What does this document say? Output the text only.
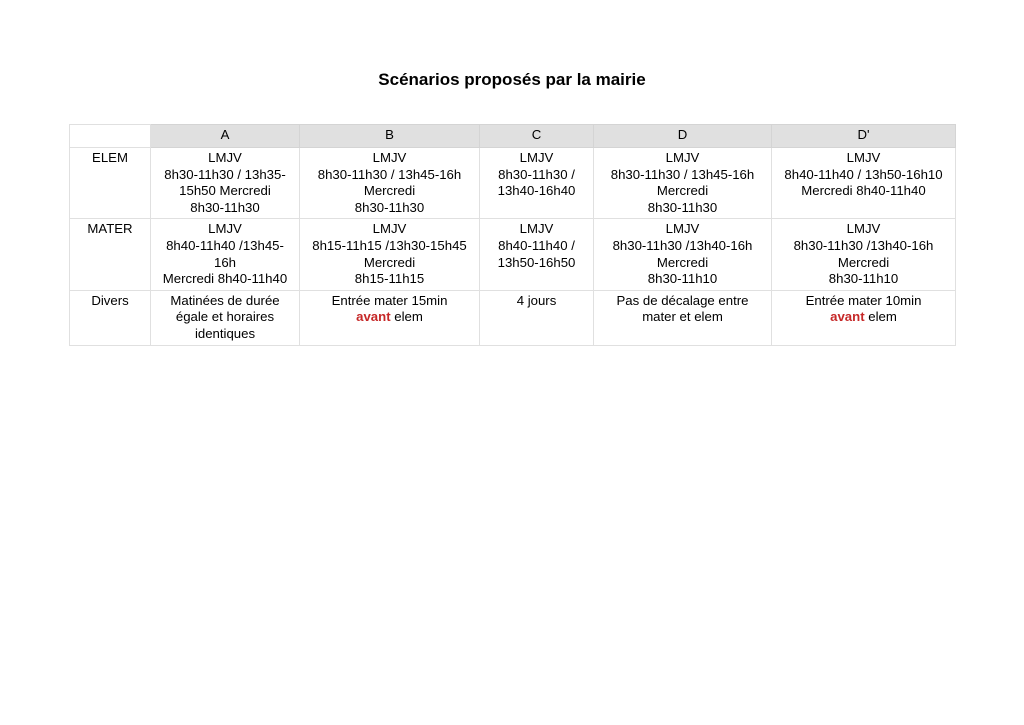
Scénarios proposés par la mairie
	A	B	C	D	D'
ELEM	LMJV
8h30-11h30 / 13h35-
15h50 Mercredi
8h30-11h30	LMJV
8h30-11h30 / 13h45-16h
Mercredi
8h30-11h30	LMJV
8h30-11h30 /
13h40-16h40	LMJV
8h30-11h30 / 13h45-16h
Mercredi
8h30-11h30	LMJV
8h40-11h40 / 13h50-16h10
Mercredi 8h40-11h40

MATER	LMJV
8h40-11h40 /13h45-
16h
Mercredi 8h40-11h40	LMJV
8h15-11h15 /13h30-15h45
Mercredi
8h15-11h15	LMJV
8h40-11h40 /
13h50-16h50	LMJV
8h30-11h30 /13h40-16h
Mercredi
8h30-11h10	LMJV
8h30-11h30 /13h40-16h
Mercredi
8h30-11h10

Divers	Matinées de durée
égale et horaires
identiques	Entrée mater 15min
avant elem	4 jours	Pas de décalage entre
mater et elem	Entrée mater 10min
avant elem
